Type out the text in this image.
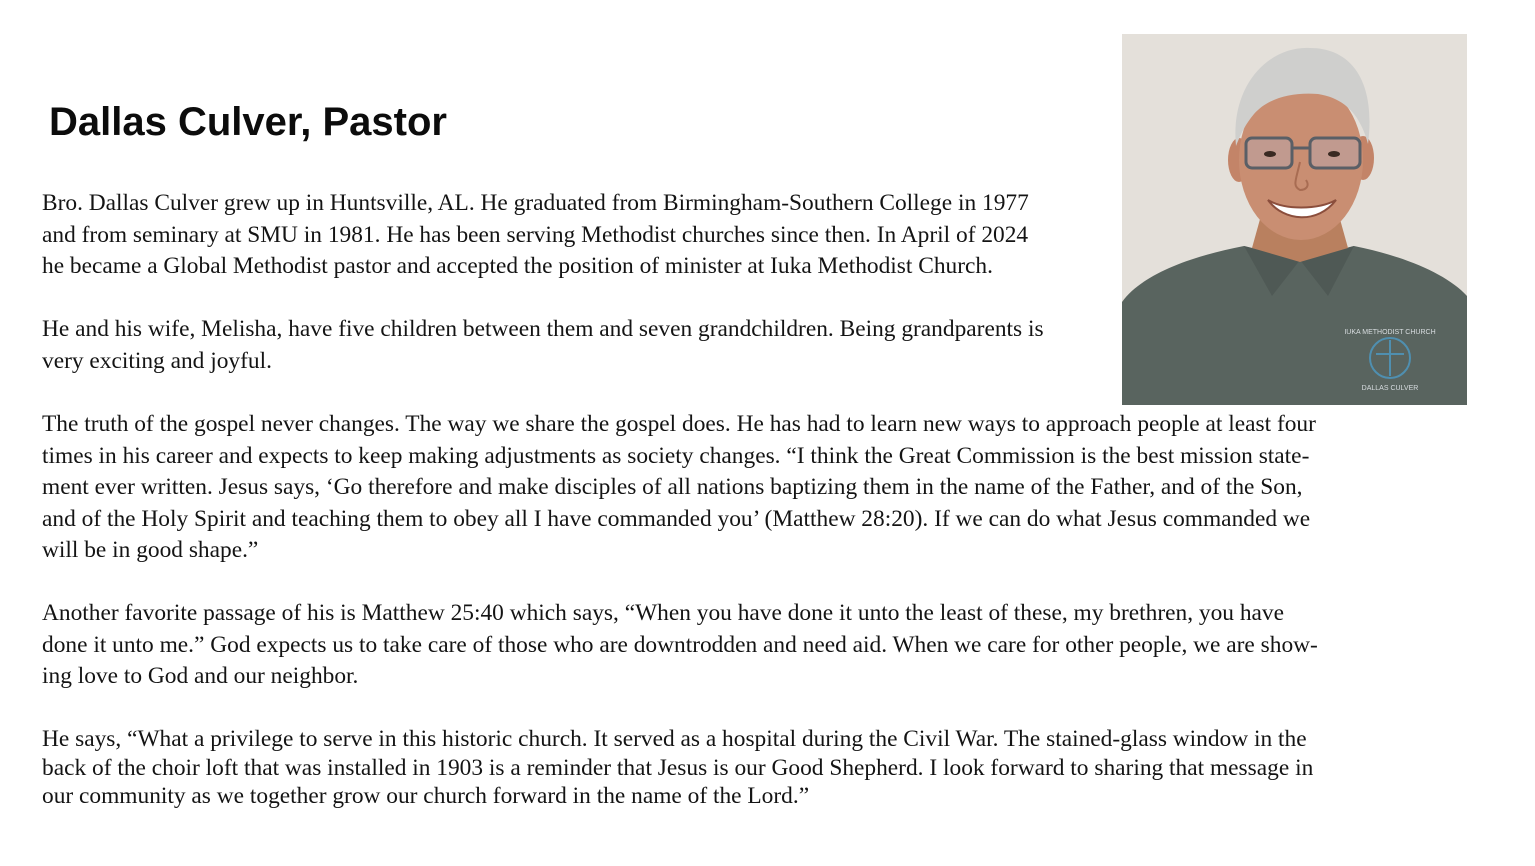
Dallas Culver, Pastor
Bro. Dallas Culver grew up in Huntsville, AL. He graduated from Birmingham-Southern College in 1977
and from seminary at SMU in 1981. He has been serving Methodist churches since then. In April of 2024
he became a Global Methodist pastor and accepted the position of minister at Iuka Methodist Church.
He and his wife, Melisha, have five children between them and seven grandchildren. Being grandparents is
very exciting and joyful.
The truth of the gospel never changes. The way we share the gospel does. He has had to learn new ways to approach people at least four
times in his career and expects to keep making adjustments as society changes. “I think the Great Commission is the best mission state-
ment ever written. Jesus says, ‘Go therefore and make disciples of all nations baptizing them in the name of the Father, and of the Son,
and of the Holy Spirit and teaching them to obey all I have commanded you’ (Matthew 28:20). If we can do what Jesus commanded we
will be in good shape.”
Another favorite passage of his is Matthew 25:40 which says, “When you have done it unto the least of these, my brethren, you have
done it unto me.” God expects us to take care of those who are downtrodden and need aid. When we care for other people, we are show-
ing love to God and our neighbor.
He says, “What a privilege to serve in this historic church. It served as a hospital during the Civil War. The stained-glass window in the
back of the choir loft that was installed in 1903 is a reminder that Jesus is our Good Shepherd. I look forward to sharing that message in
our community as we together grow our church forward in the name of the Lord.”
IUKA METHODIST CHURCH
DALLAS CULVER
